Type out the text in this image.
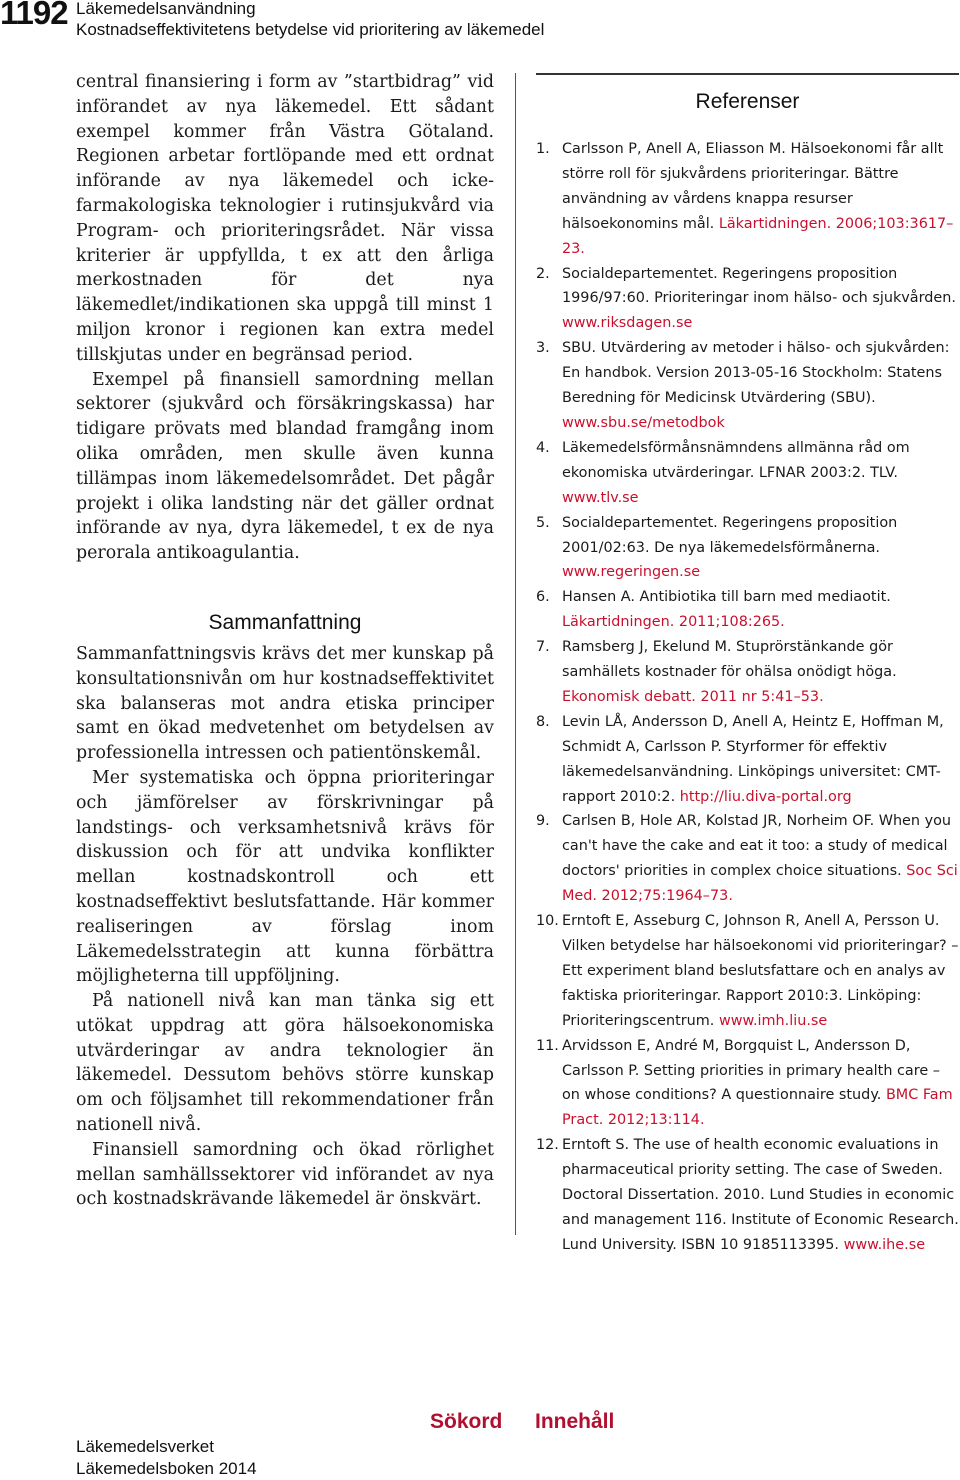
1192 Läkemedelsanvändning
Kostnadseffektivitetens betydelse vid prioritering av läkemedel

central finansiering i form av ”startbidrag” vid införandet av nya läkemedel. Ett sådant exempel kommer från Västra Götaland. Regionen arbetar fortlöpande med ett ordnat införande av nya läkemedel och icke-farmakologiska teknologier i rutinsjukvård via Program- och prioriteringsrådet. När vissa kriterier är uppfyllda, t ex att den årliga merkostnaden för det nya läkemedlet/indikationen ska uppgå till minst 1 miljon kronor i regionen kan extra medel tillskjutas under en begränsad period.

Exempel på finansiell samordning mellan sektorer (sjukvård och försäkringskassa) har tidigare prövats med blandad framgång inom olika områden, men skulle även kunna tillämpas inom läkemedelsområdet. Det pågår projekt i olika landsting när det gäller ordnat införande av nya, dyra läkemedel, t ex de nya perorala antikoagulantia.

Sammanfattning

Sammanfattningsvis krävs det mer kunskap på konsultationsnivån om hur kostnadseffektivitet ska balanseras mot andra etiska principer samt en ökad medvetenhet om betydelsen av professionella intressen och patientönskemål.

Mer systematiska och öppna prioriteringar och jämförelser av förskrivningar på landstings- och verksamhetsnivå krävs för diskussion och för att undvika konflikter mellan kostnadskontroll och ett kostnadseffektivt beslutsfattande. Här kommer realiseringen av förslag inom Läkemedelsstrategin att kunna förbättra möjligheterna till uppföljning.

På nationell nivå kan man tänka sig ett utökat uppdrag att göra hälsoekonomiska utvärderingar av andra teknologier än läkemedel. Dessutom behövs större kunskap om och följsamhet till rekommendationer från nationell nivå.

Finansiell samordning och ökad rörlighet mellan samhällssektorer vid införandet av nya och kostnadskrävande läkemedel är önskvärt.

Referenser
1. Carlsson P, Anell A, Eliasson M. Hälsoekonomi får allt större roll för sjukvårdens prioriteringar. Bättre användning av vårdens knappa resurser hälsoekonomins mål. Läkartidningen. 2006;103:3617–23.
2. Socialdepartementet. Regeringens proposition 1996/97:60. Prioriteringar inom hälso- och sjukvården.www.riksdagen.se
3. SBU. Utvärdering av metoder i hälso- och sjukvården: En handbok. Version 2013-05-16 Stockholm: Statens Beredning för Medicinsk Utvärdering (SBU).www.sbu.se/metodbok
4. Läkemedelsförmånsnämndens allmänna råd om ekonomiska utvärderingar. LFNAR 2003:2. TLV.www.tlv.se
5. Socialdepartementet. Regeringens proposition 2001/02:63. De nya läkemedelsförmånerna.www.regeringen.se
6. Hansen A. Antibiotika till barn med mediaotit.Läkartidningen. 2011;108:265.
7. Ramsberg J, Ekelund M. Stuprörstänkande gör samhällets kostnader för ohälsa onödigt höga.Ekonomisk debatt. 2011 nr 5:41–53.
8. Levin LÅ, Andersson D, Anell A, Heintz E, Hoffman M, Schmidt A, Carlsson P. Styrformer för effektiv läkemedelsanvändning. Linköpings universitet: CMT-rapport 2010:2. http://liu.diva-portal.org
9. Carlsen B, Hole AR, Kolstad JR, Norheim OF. When you can't have the cake and eat it too: a study of medical doctors' priorities in complex choice situations. Soc Sci Med. 2012;75:1964–73.
10. Erntoft E, Asseburg C, Johnson R, Anell A, Persson U. Vilken betydelse har hälsoekonomi vid prioriteringar? – Ett experiment bland beslutsfattare och en analys av faktiska prioriteringar. Rapport 2010:3. Linköping: Prioriteringscentrum. www.imh.liu.se
11. Arvidsson E, André M, Borgquist L, Andersson D, Carlsson P. Setting priorities in primary health care – on whose conditions? A questionnaire study. BMC Fam Pract. 2012;13:114.
12. Erntoft S. The use of health economic evaluations in pharmaceutical priority setting. The case of Sweden. Doctoral Dissertation. 2010. Lund Studies in economic and management 116. Institute of Economic Research. Lund University. ISBN 10 9185113395. www.ihe.se
Sökord Innehåll
Läkemedelsverket
Läkemedelsboken 2014
